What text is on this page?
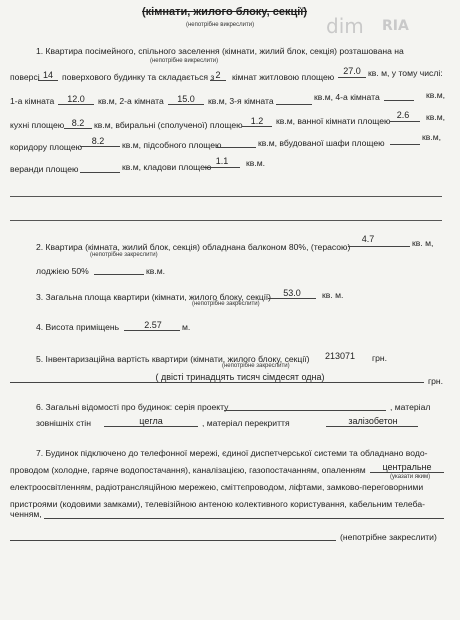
dim RIA
(кімнати, жилого блоку, секції)
(непотрібне викреслити)
1. Квартира посімейного, спільного заселення (кімнати, жилий блок, секція) розташована на
(непотрібне викреслити)
поверсі 14	поверхового будинку та складається з 2	кімнат житловою площею
27.0 кв. м, у тому числі:
1-а кімната	12.0	кв.м, 2-а кімната	15.0	кв.м, 3-я кімната	кв.м, 4-а кімната	кв.м,
кухні площею 8.2	кв.м, вбиральні (сполученої) площею 1.2	кв.м, ванної кімнати площею
2.6	кв.м,
коридору площею
8.2	кв.м, підсобного площею	кв.м, вбудованої шафи площею
кв.м,
веранди площею	кв.м, кладови площею
1.1	кв.м.
2. Квартира (кімната, жилий блок, секція) обладнана балконом 80%, (терасою)
(непотрібне закреслити)
4.7	кв. м,
лоджією 50%	кв.м.
3. Загальна площа квартири (кімнати, жилого блоку, секції)
(непотрібне закреслити)
53.0	кв. м.
4. Висота приміщень	2.57	м.
5. Інвентаризаційна вартість квартири (кімнати, жилого блоку, секції)
(непотрібне закреслити)
213071	грн.
( двісті тринадцять тисяч сімдесят одна)	грн.
6. Загальні відомості про будинок: серія проекту	, матеріал
зовнішніх стін	цегла	, матеріал перекриття	залізобетон
7. Будинок підключено до телефонної мережі, єдиної диспетчерської системи та обладнано водо-
проводом (холодне, гаряче водопостачання), каналізацією, газопостачанням, опаленням	центральне
(указати яким)
електроосвітленням, радіотрансляційною мережею, сміттєпроводом, ліфтами, замково-переговорними
пристроями (кодовими замками), телевізійною антеною колективного користування, кабельним телеба-
ченням,
(непотрібне закреслити)
